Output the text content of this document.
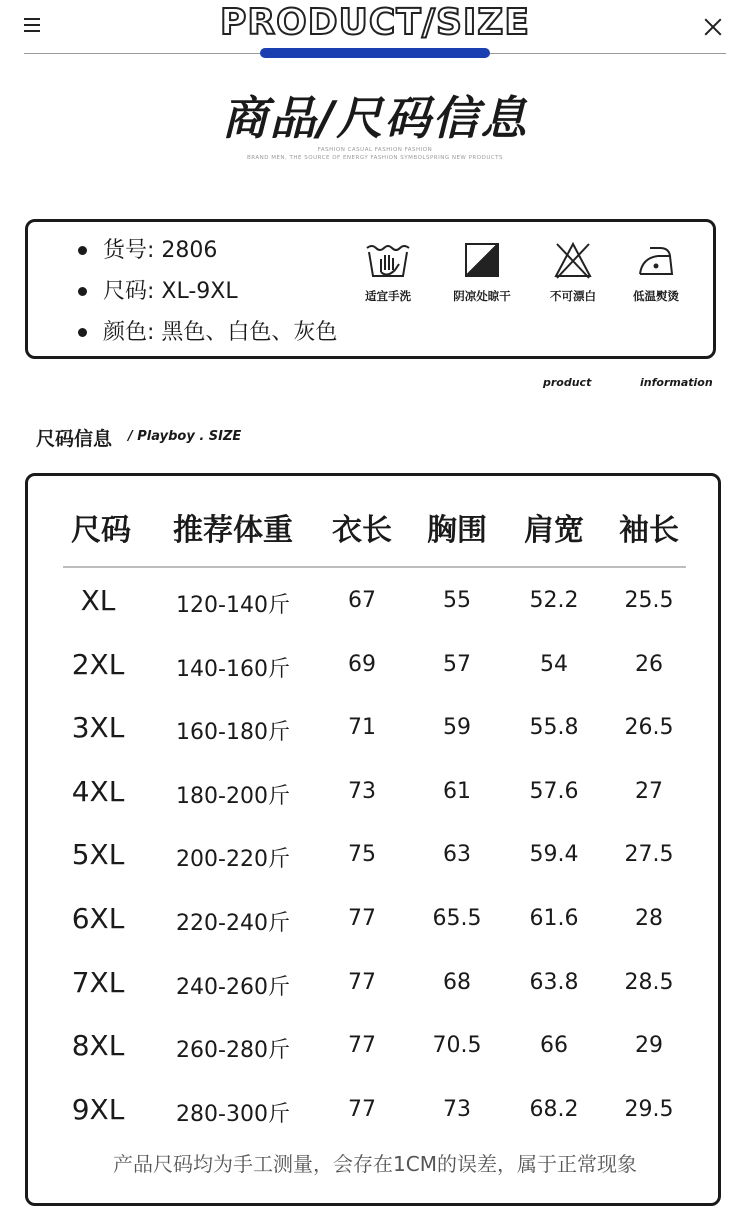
PRODUCT/SIZE
商品/尺码信息
FASHION CASUAL FASHION FASHION
BRAND MEN, THE SOURCE OF ENERGY FASHION SYMBOLSPRING NEW PRODUCTS
货号:
2806
尺码:
XL-9XL
颜色:
黑色、白色、灰色
适宜手洗	阴凉处晾干	不可漂白	低温熨烫
product	information
尺码信息 / Playboy . SIZE
尺码 推荐体重 衣长 胸围 肩宽 袖长
XL	120-140斤	67	55	52.2 25.5
2XL 140-160斤	69	57	54	26
3XL 160-180斤	71	59	55.8 26.5
4XL 180-200斤	73	61	57.6	27
5XL 200-220斤	75	63	59.4 27.5
6XL 220-240斤	77	65.5 61.6	28
7XL 240-260斤	77	68	63.8 28.5
8XL 260-280斤	77	70.5	66	29
9XL 280-300斤	77	73	68.2 29.5
产品尺码均为手工测量，会存在1CM的误差，属于正常现象
